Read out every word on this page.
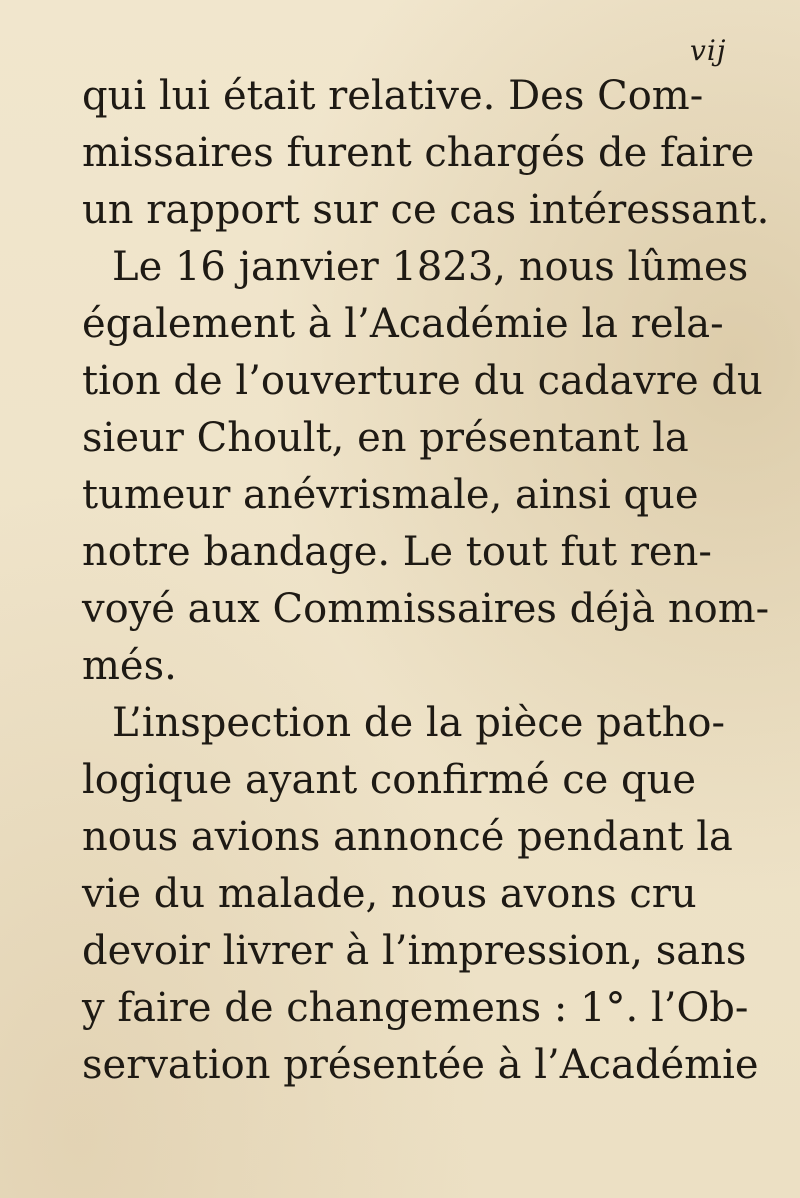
vij
qui lui était relative. Des Com-
missaires furent chargés de faire
un rapport sur ce cas intéressant.
Le 16 janvier 1823, nous lûmes
également à l’Académie la rela-
tion de l’ouverture du cadavre du
sieur Choult, en présentant la
tumeur anévrismale, ainsi que
notre bandage. Le tout fut ren-
voyé aux Commissaires déjà nom-
més.
L’inspection de la pièce patho-
logique ayant confirmé ce que
nous avions annoncé pendant la
vie du malade, nous avons cru
devoir livrer à l’impression, sans
y faire de changemens : 1°. l’Ob-
servation présentée à l’Académie
